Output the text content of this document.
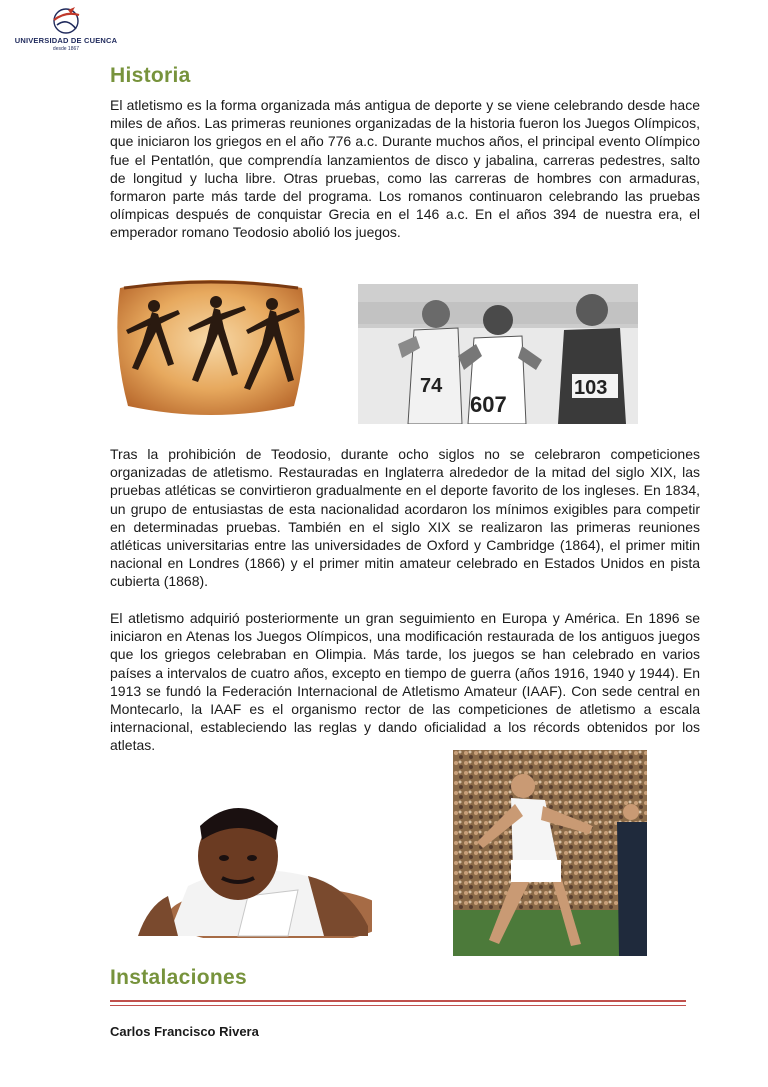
UNIVERSIDAD DE CUENCA
desde 1867
Historia

El atletismo es la forma organizada más antigua de deporte y se viene celebrando desde hace miles de años. Las primeras reuniones organizadas de la historia fueron los Juegos Olímpicos, que iniciaron los griegos en el año 776 a.c. Durante muchos años, el principal evento Olímpico fue el Pentatlón, que comprendía lanzamientos de disco y jabalina, carreras pedestres, salto de longitud y lucha libre. Otras pruebas, como las carreras de hombres con armaduras, formaron parte más tarde del programa. Los romanos continuaron celebrando las pruebas olímpicas después de conquistar Grecia en el 146 a.c. En el años 394 de nuestra era, el emperador romano Teodosio abolió los juegos.

74
607
103

Tras la prohibición de Teodosio, durante ocho siglos no se celebraron competiciones organizadas de atletismo. Restauradas en Inglaterra alrededor de la mitad del siglo XIX, las pruebas atléticas se convirtieron gradualmente en el deporte favorito de los ingleses. En 1834, un grupo de entusiastas de esta nacionalidad acordaron los mínimos exigibles para competir en determinadas pruebas. También en el siglo XIX se realizaron las primeras reuniones atléticas universitarias entre las universidades de Oxford y Cambridge (1864), el primer mitin nacional en Londres (1866) y el primer mitin amateur celebrado en Estados Unidos en pista cubierta (1868).

El atletismo adquirió posteriormente un gran seguimiento en Europa y América. En 1896 se iniciaron en Atenas los Juegos Olímpicos, una modificación restaurada de los antiguos juegos que los griegos celebraban en Olimpia. Más tarde, los juegos se han celebrado en varios países a intervalos de cuatro años, excepto en tiempo de guerra (años 1916, 1940 y 1944). En 1913 se fundó la Federación Internacional de Atletismo Amateur (IAAF). Con sede central en Montecarlo, la IAAF es el organismo rector de las competiciones de atletismo a escala internacional, estableciendo las reglas y dando oficialidad a los récords obtenidos por los atletas.

Instalaciones
Carlos Francisco Rivera
